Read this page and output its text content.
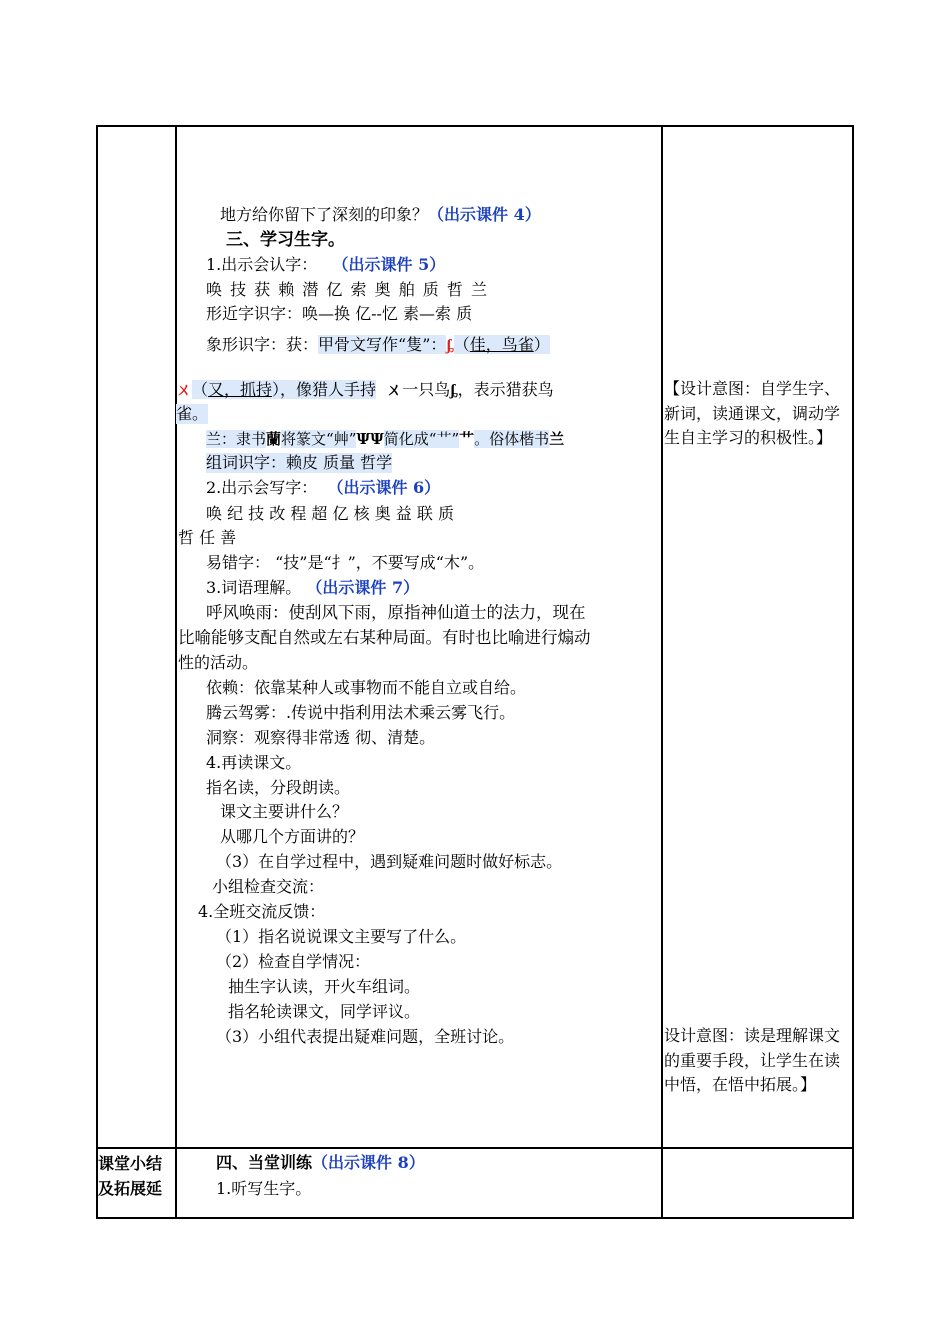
地方给你留下了深刻的印象？（出示课件 4）
三、学习生字。
1.出示会认字： （出示课件 5）
唤 技 获 赖 潜 亿 索 奥 舶 质 哲 兰
形近字识字：唤—换 亿--忆 素—索 质
象形识字：获：甲骨文写作“隻”：ᶋ（佳，鸟雀）
ㄨ（又，抓持），像猎人手持 ㄨ一只鸟ᶋ，表示猎获鸟
雀。
兰：隶书蘭将篆文“艸”ΨΨ简化成“艹”艹。俗体楷书兰
组词识字：赖皮 质量 哲学
2.出示会写字： （出示课件 6）
唤 纪 技 改 程 超 亿 核 奥 益 联 质
哲 任 善
易错字： “技”是“扌”，不要写成“木”。
3.词语理解。 （出示课件 7）
呼风唤雨：使刮风下雨，原指神仙道士的法力，现在
比喻能够支配自然或左右某种局面。有时也比喻进行煽动
性的活动。
依赖：依靠某种人或事物而不能自立或自给。
腾云驾雾：.传说中指利用法术乘云雾飞行。
洞察：观察得非常透 彻、清楚。
4.再读课文。
指名读，分段朗读。
课文主要讲什么？
从哪几个方面讲的？
（3）在自学过程中，遇到疑难问题时做好标志。
小组检查交流：
4.全班交流反馈：
（1）指名说说课文主要写了什么。
（2）检查自学情况：
抽生字认读，开火车组词。
指名轮读课文，同学评议。
（3）小组代表提出疑难问题，全班讨论。
四、当堂训练（出示课件 8）
1.听写生字。
【设计意图：自学生字、新词，读通课文，调动学生自主学习的积极性。】
设计意图：读是理解课文的重要手段，让学生在读中悟，在悟中拓展。】
课堂小结及拓展延
